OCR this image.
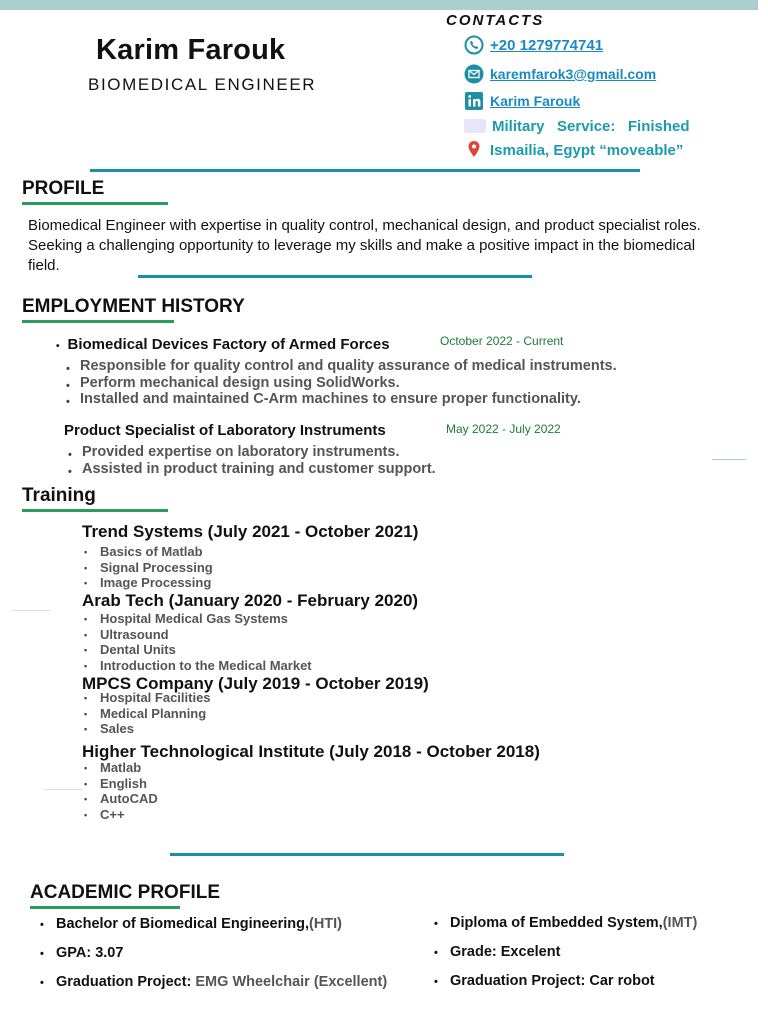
Karim Farouk
BIOMEDICAL ENGINEER
CONTACTS
+20 1279774741
karemfarok3@gmail.com
Karim Farouk
Military   Service:   Finished
Ismailia, Egypt “moveable”
PROFILE
Biomedical Engineer with expertise in quality control, mechanical design, and product specialist roles. Seeking a challenging opportunity to leverage my skills and make a positive impact in the biomedical field.
EMPLOYMENT HISTORY
• Biomedical Devices Factory of Armed Forces	October 2022 - Current
• Responsible for quality control and quality assurance of medical instruments.
• Perform mechanical design using SolidWorks.
• Installed and maintained C-Arm machines to ensure proper functionality.
Product Specialist of Laboratory Instruments	May 2022 - July 2022
• Provided expertise on laboratory instruments.
• Assisted in product training and customer support.
Training
Trend Systems (July 2021 - October 2021)
• Basics of Matlab
• Signal Processing
• Image Processing
Arab Tech (January 2020 - February 2020)
• Hospital Medical Gas Systems
• Ultrasound
• Dental Units
• Introduction to the Medical Market
MPCS Company (July 2019 - October 2019)
• Hospital Facilities
• Medical Planning
• Sales
Higher Technological Institute (July 2018 - October 2018)
• Matlab
• English
• AutoCAD
• C++
ACADEMIC PROFILE
• Bachelor of Biomedical Engineering,(HTI)
• GPA: 3.07
• Graduation Project: EMG Wheelchair (Excellent)
• Diploma of Embedded System,(IMT)
• Grade: Excelent
• Graduation Project: Car robot
